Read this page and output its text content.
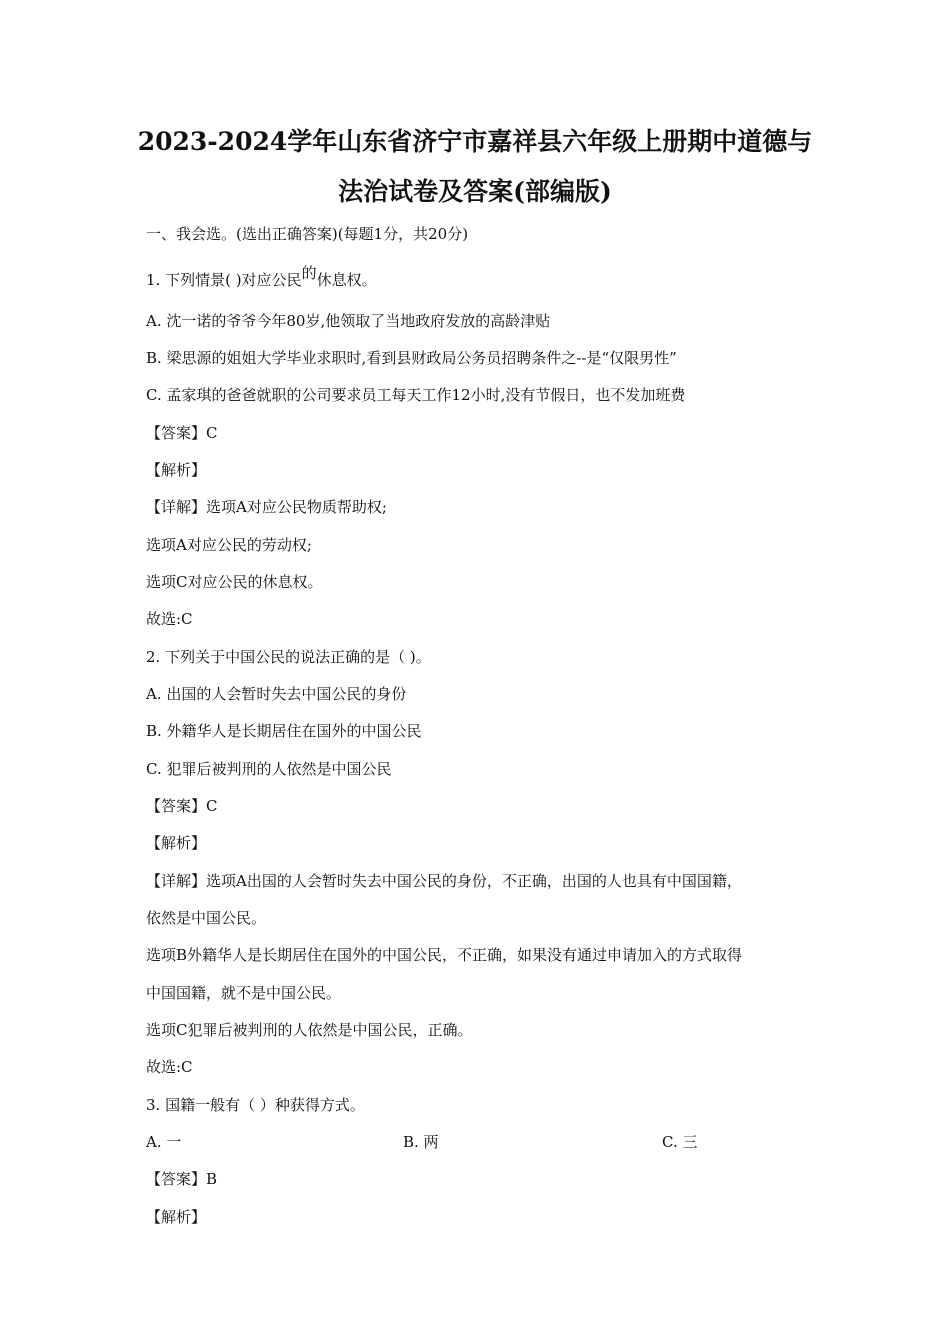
2023-2024学年山东省济宁市嘉祥县六年级上册期中道德与
法治试卷及答案(部编版)
一、我会选。(选出正确答案)(每题1分，共20分)
1. 下列情景( )对应公民的休息权。
A. 沈一诺的爷爷今年80岁,他领取了当地政府发放的高龄津贴
B. 梁思源的姐姐大学毕业求职时,看到县财政局公务员招聘条件之--是“仅限男性”
C. 孟家琪的爸爸就职的公司要求员工每天工作12小时,没有节假日，也不发加班费
【答案】C
【解析】
【详解】选项A对应公民物质帮助权;
选项A对应公民的劳动权;
选项C对应公民的休息权。
故选:C
2. 下列关于中国公民的说法正确的是（ )。
A. 出国的人会暂时失去中国公民的身份
B. 外籍华人是长期居住在国外的中国公民
C. 犯罪后被判刑的人依然是中国公民
【答案】C
【解析】
【详解】选项A出国的人会暂时失去中国公民的身份，不正确，出国的人也具有中国国籍，
依然是中国公民。
选项B外籍华人是长期居住在国外的中国公民，不正确，如果没有通过申请加入的方式取得
中国国籍，就不是中国公民。
选项C犯罪后被判刑的人依然是中国公民，正确。
故选:C
3. 国籍一般有（ ）种获得方式。
A. 一	B. 两	C. 三
【答案】B
【解析】
